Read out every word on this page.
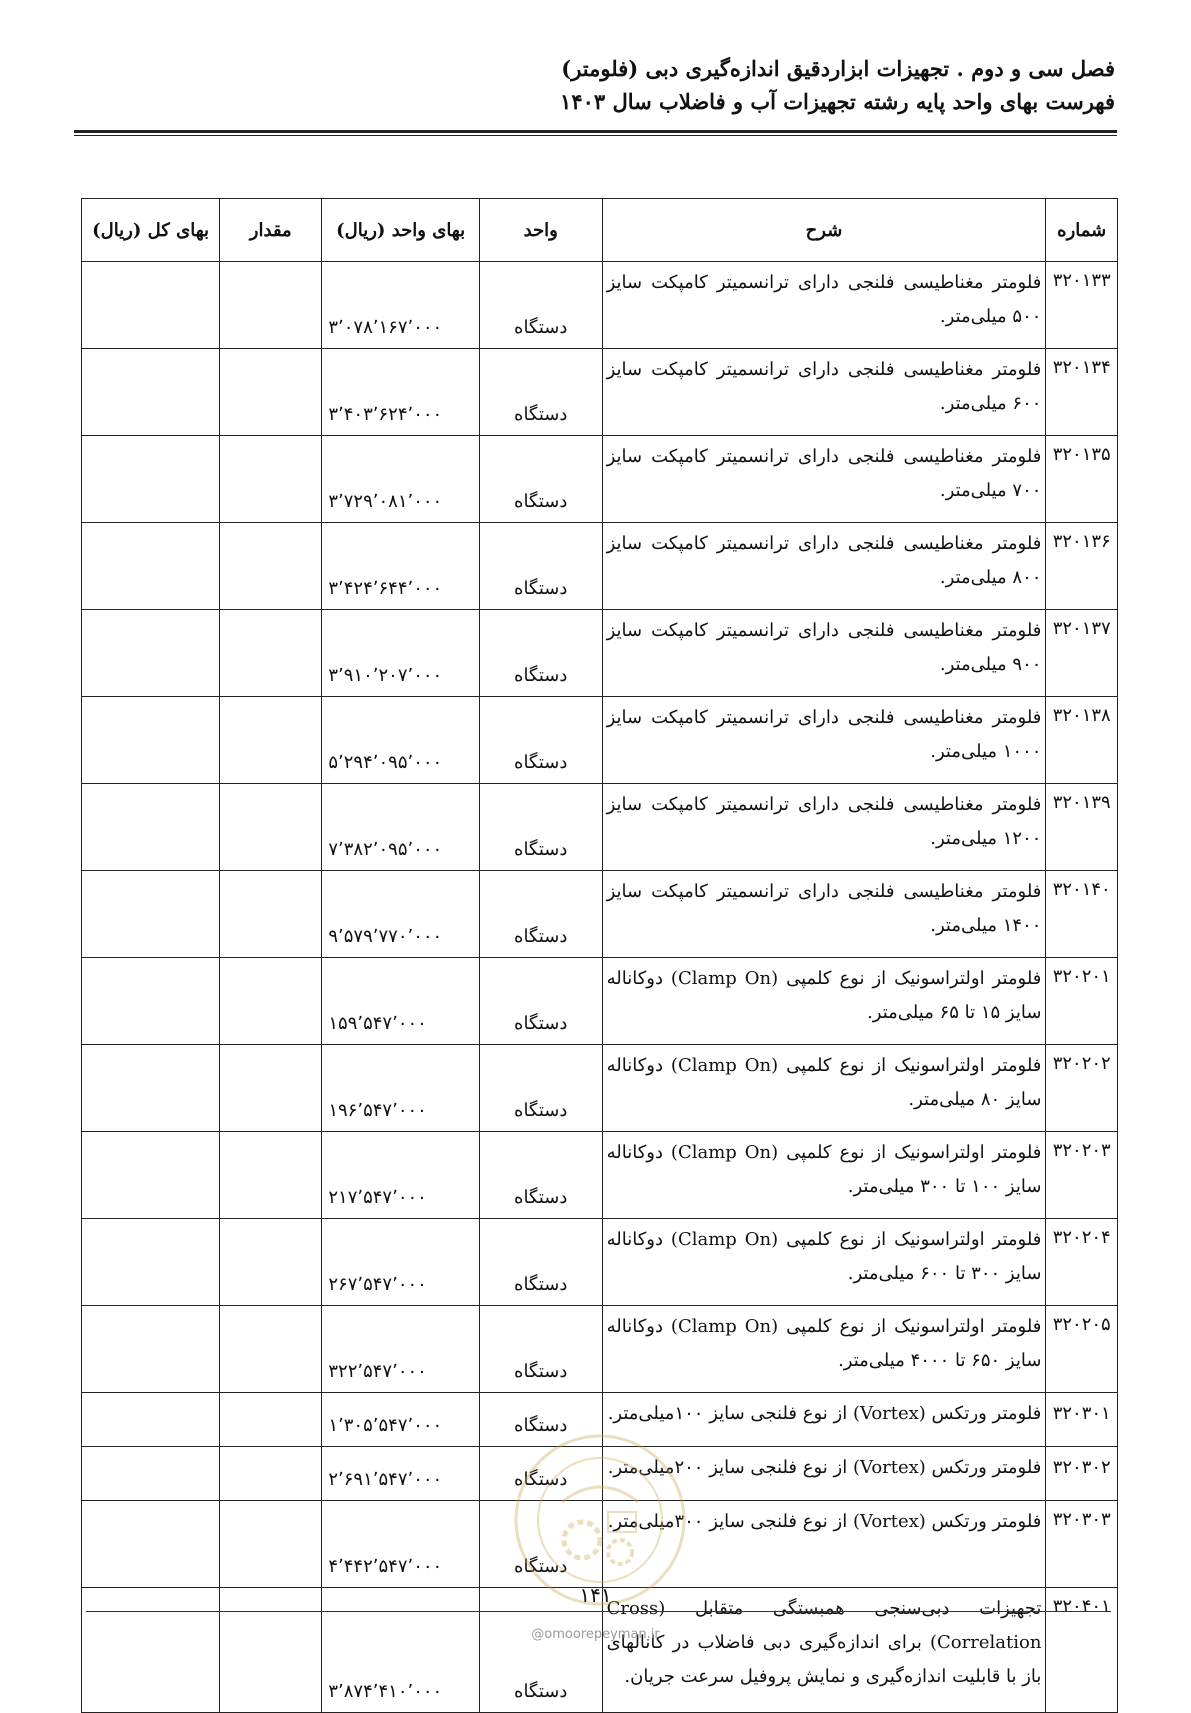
فصل سی و دوم . تجهیزات ابزاردقیق اندازه‌گیری دبی (فلومتر)

فهرست بهای واحد پایه رشته تجهیزات آب و فاضلاب سال ۱۴۰۳

شماره	شرح	واحد	بهای واحد (ریال)	مقدار	بهای کل (ریال)
۳۲۰۱۳۳	فلومتر مغناطیسی فلنجی دارای ترانسمیتر کامپکت سایز ۵۰۰ میلی‌متر.	دستگاه	۳٬۰۷۸٬۱۶۷٬۰۰۰		
۳۲۰۱۳۴	فلومتر مغناطیسی فلنجی دارای ترانسمیتر کامپکت سایز ۶۰۰ میلی‌متر.	دستگاه	۳٬۴۰۳٬۶۲۴٬۰۰۰		
۳۲۰۱۳۵	فلومتر مغناطیسی فلنجی دارای ترانسمیتر کامپکت سایز ۷۰۰ میلی‌متر.	دستگاه	۳٬۷۲۹٬۰۸۱٬۰۰۰		
۳۲۰۱۳۶	فلومتر مغناطیسی فلنجی دارای ترانسمیتر کامپکت سایز ۸۰۰ میلی‌متر.	دستگاه	۳٬۴۲۴٬۶۴۴٬۰۰۰		
۳۲۰۱۳۷	فلومتر مغناطیسی فلنجی دارای ترانسمیتر کامپکت سایز ۹۰۰ میلی‌متر.	دستگاه	۳٬۹۱۰٬۲۰۷٬۰۰۰		
۳۲۰۱۳۸	فلومتر مغناطیسی فلنجی دارای ترانسمیتر کامپکت سایز ۱۰۰۰ میلی‌متر.	دستگاه	۵٬۲۹۴٬۰۹۵٬۰۰۰		
۳۲۰۱۳۹	فلومتر مغناطیسی فلنجی دارای ترانسمیتر کامپکت سایز ۱۲۰۰ میلی‌متر.	دستگاه	۷٬۳۸۲٬۰۹۵٬۰۰۰		
۳۲۰۱۴۰	فلومتر مغناطیسی فلنجی دارای ترانسمیتر کامپکت سایز ۱۴۰۰ میلی‌متر.	دستگاه	۹٬۵۷۹٬۷۷۰٬۰۰۰		
۳۲۰۲۰۱	فلومتر اولتراسونیک از نوع کلمپی (Clamp On) دوکاناله سایز ۱۵ تا ۶۵ میلی‌متر.	دستگاه	۱۵۹٬۵۴۷٬۰۰۰		
۳۲۰۲۰۲	فلومتر اولتراسونیک از نوع کلمپی (Clamp On) دوکاناله سایز ۸۰ میلی‌متر.	دستگاه	۱۹۶٬۵۴۷٬۰۰۰		
۳۲۰۲۰۳	فلومتر اولتراسونیک از نوع کلمپی (Clamp On) دوکاناله سایز ۱۰۰ تا ۳۰۰ میلی‌متر.	دستگاه	۲۱۷٬۵۴۷٬۰۰۰		
۳۲۰۲۰۴	فلومتر اولتراسونیک از نوع کلمپی (Clamp On) دوکاناله سایز ۳۰۰ تا ۶۰۰ میلی‌متر.	دستگاه	۲۶۷٬۵۴۷٬۰۰۰		
۳۲۰۲۰۵	فلومتر اولتراسونیک از نوع کلمپی (Clamp On) دوکاناله سایز ۶۵۰ تا ۴۰۰۰ میلی‌متر.	دستگاه	۳۲۲٬۵۴۷٬۰۰۰		
۳۲۰۳۰۱	فلومتر ورتکس (Vortex) از نوع فلنجی سایز ۱۰۰میلی‌متر.	دستگاه	۱٬۳۰۵٬۵۴۷٬۰۰۰		
۳۲۰۳۰۲	فلومتر ورتکس (Vortex) از نوع فلنجی سایز ۲۰۰میلی‌متر.	دستگاه	۲٬۶۹۱٬۵۴۷٬۰۰۰		
۳۲۰۳۰۳	فلومتر ورتکس (Vortex) از نوع فلنجی سایز ۳۰۰میلی‌متر.	دستگاه	۴٬۴۴۲٬۵۴۷٬۰۰۰		
۳۲۰۴۰۱	تجهیزات دبی‌سنجی همبستگی متقابل (Cross Correlation) برای اندازه‌گیری دبی فاضلاب در کانالهای باز با قابلیت اندازه‌گیری و نمایش پروفیل سرعت جریان.	دستگاه	۳٬۸۷۴٬۴۱۰٬۰۰۰		
۱۴۱
@omoorepeyman.ir
